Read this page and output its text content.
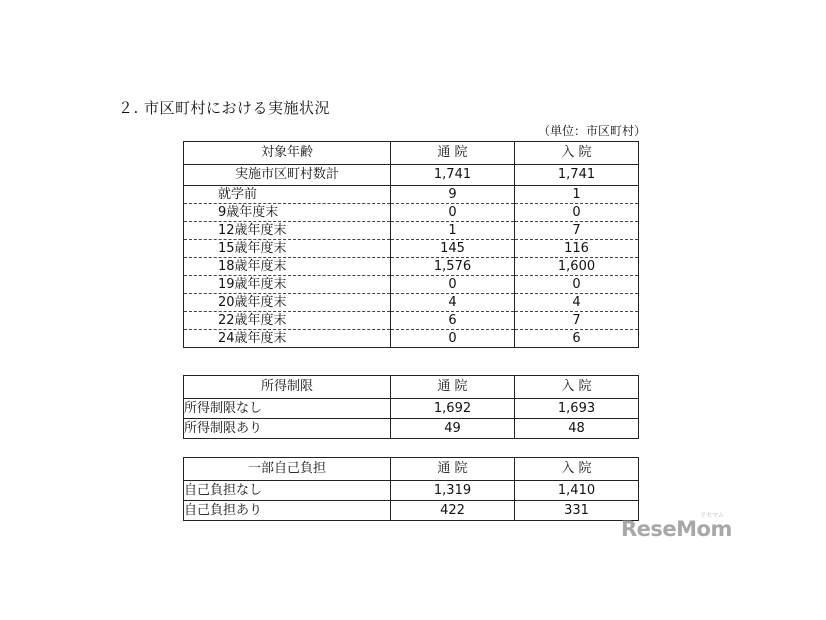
２. 市区町村における実施状況
（単位：市区町村）
対象年齢	通 院	入 院
実施市区町村数計	1,741	1,741
就学前	9	1
9歳年度末	0	0
12歳年度末	1	7
15歳年度末	145	116
18歳年度末	1,576	1,600
19歳年度末	0	0
20歳年度末	4	4
22歳年度末	6	7
24歳年度末	0	6
所得制限	通 院	入 院
所得制限なし	1,692	1,693
所得制限あり	49	48
一部自己負担	通 院	入 院
自己負担なし	1,319	1,410
自己負担あり	422	331	リセマム
ReseMom
